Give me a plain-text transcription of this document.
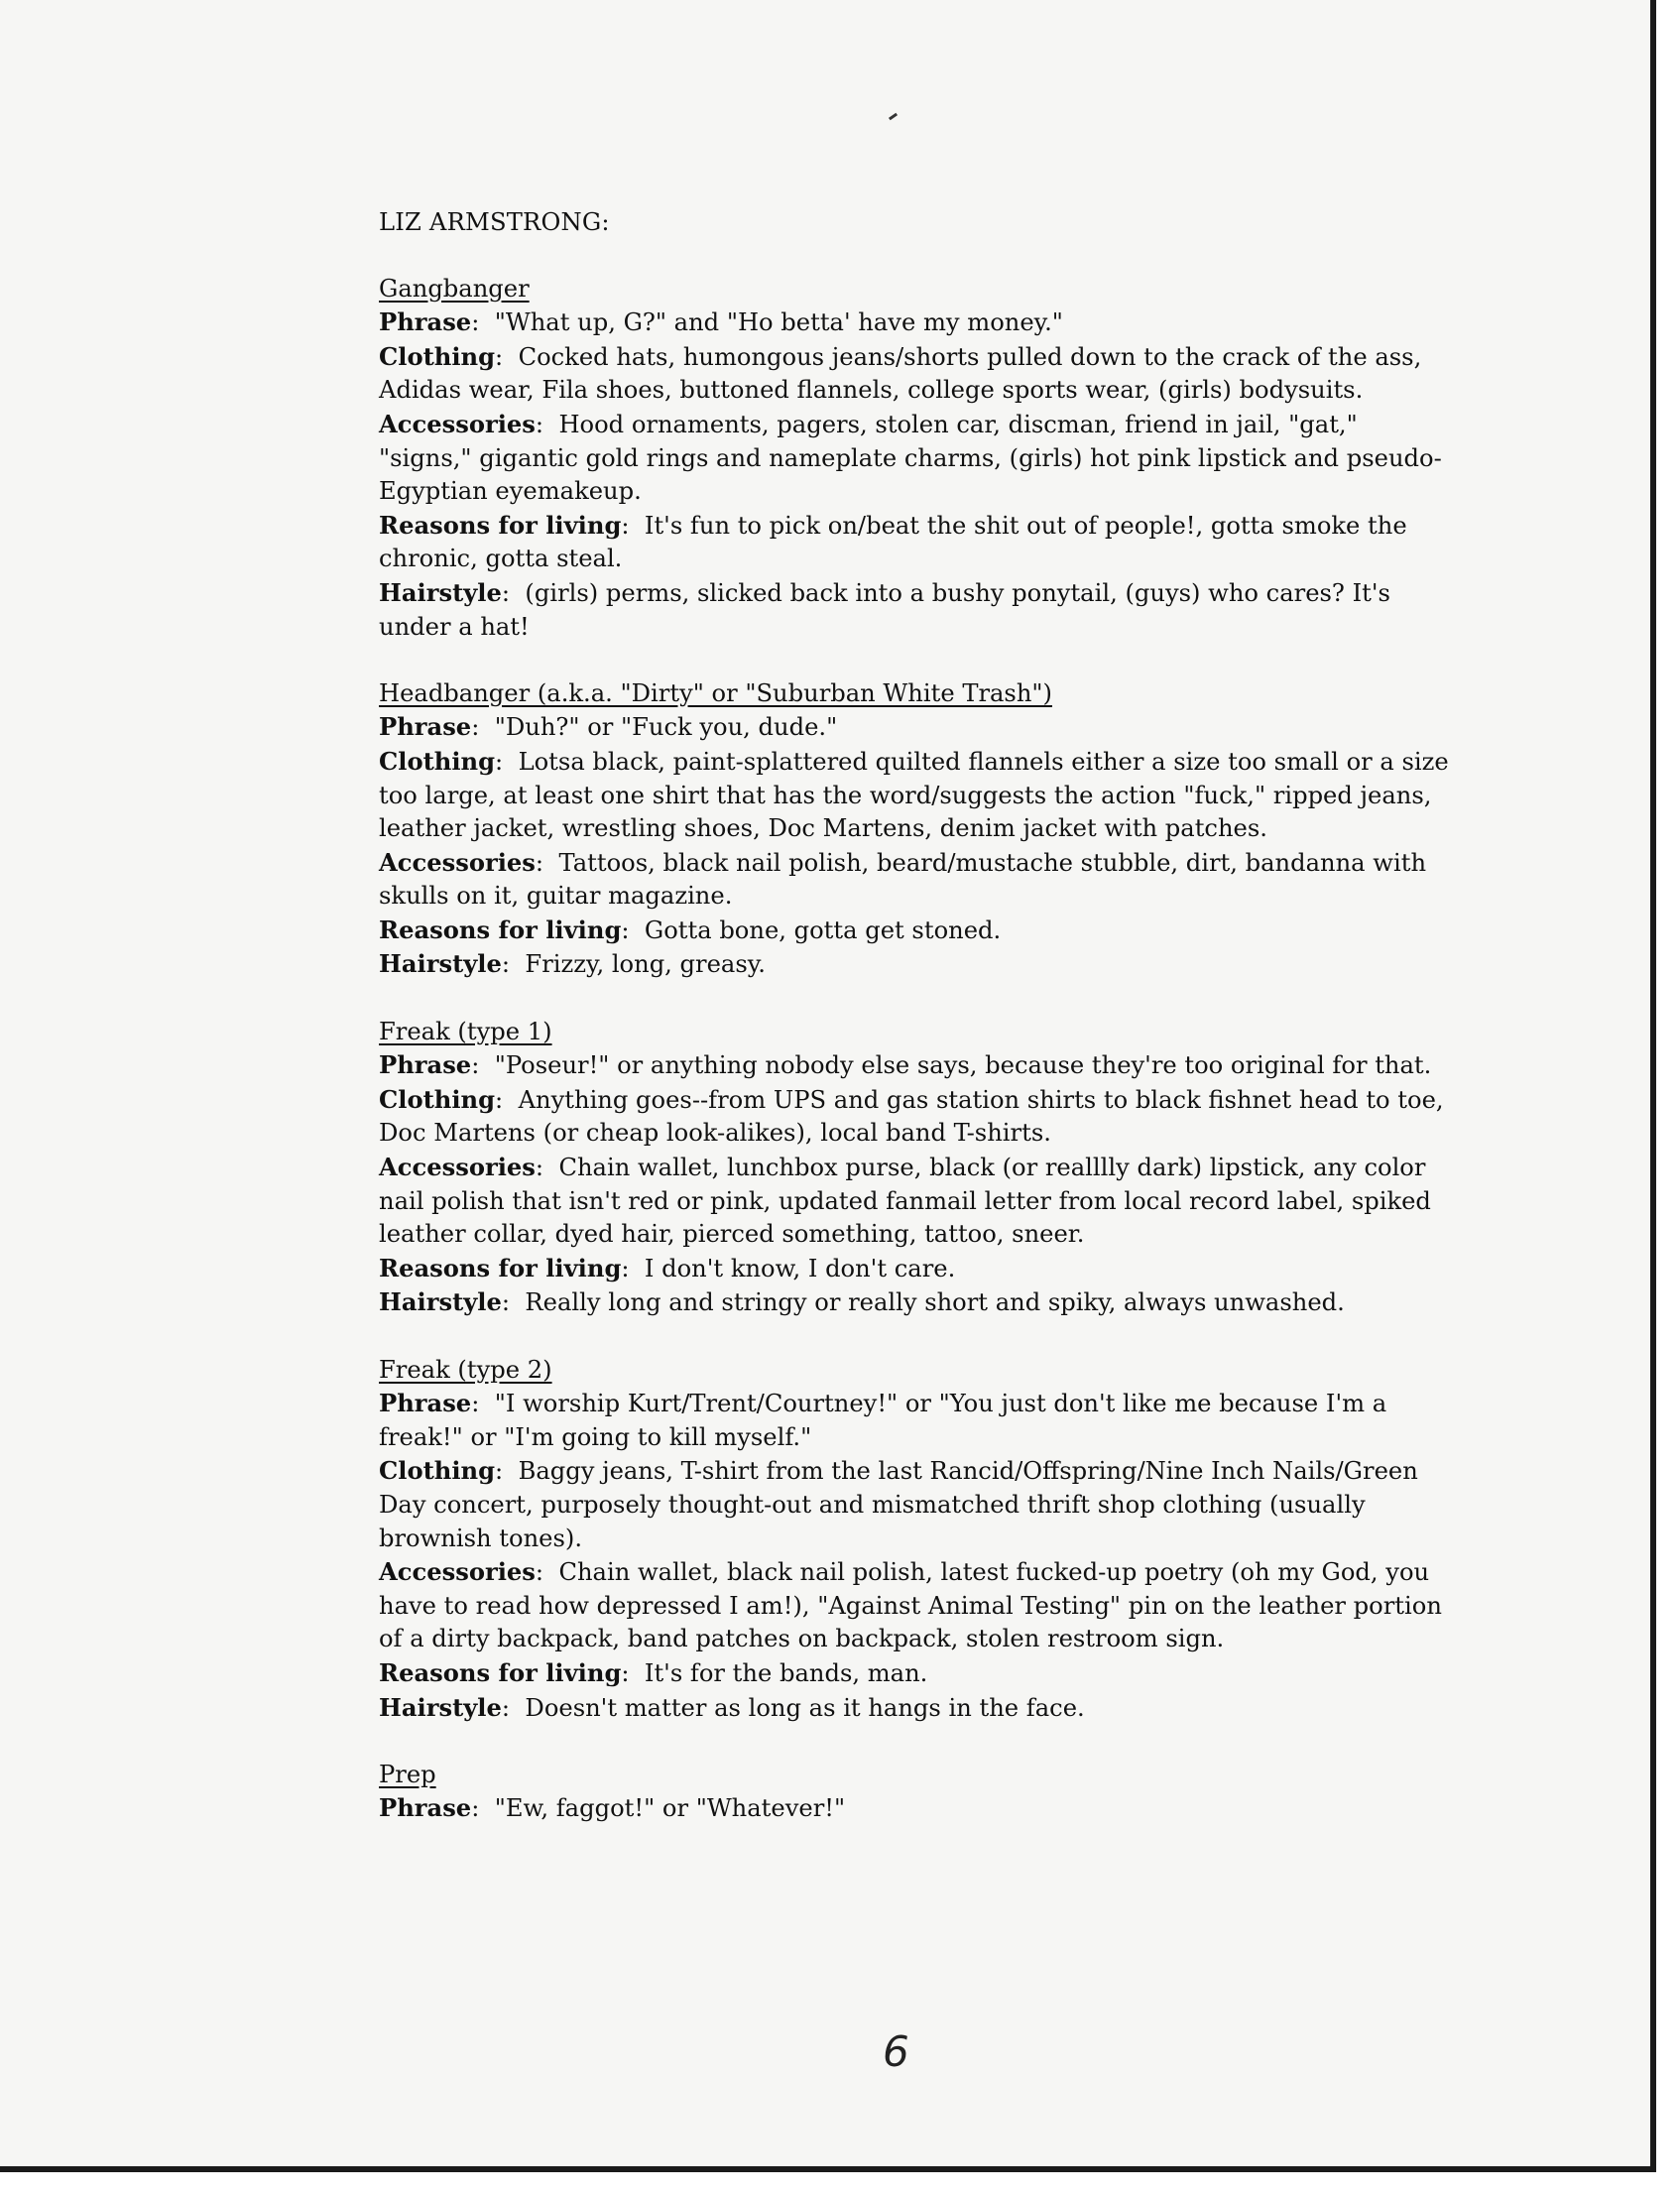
LIZ ARMSTRONG:
Gangbanger

Phrase:  "What up, G?" and "Ho betta' have my money."

Clothing:  Cocked hats, humongous jeans/shorts pulled down to the crack of the ass, Adidas wear, Fila shoes, buttoned flannels, college sports wear, (girls) bodysuits.

Accessories:  Hood ornaments, pagers, stolen car, discman, friend in jail, "gat," "signs," gigantic gold rings and nameplate charms, (girls) hot pink lipstick and pseudo-Egyptian eyemakeup.

Reasons for living:  It's fun to pick on/beat the shit out of people!, gotta smoke the chronic, gotta steal.

Hairstyle:  (girls) perms, slicked back into a bushy ponytail, (guys) who cares? It's under a hat!

Headbanger (a.k.a. "Dirty" or "Suburban White Trash")

Phrase:  "Duh?" or "Fuck you, dude."

Clothing:  Lotsa black, paint-splattered quilted flannels either a size too small or a size too large, at least one shirt that has the word/suggests the action "fuck," ripped jeans, leather jacket, wrestling shoes, Doc Martens, denim jacket with patches.

Accessories:  Tattoos, black nail polish, beard/mustache stubble, dirt, bandanna with skulls on it, guitar magazine.

Reasons for living:  Gotta bone, gotta get stoned.

Hairstyle:  Frizzy, long, greasy.

Freak (type 1)

Phrase:  "Poseur!" or anything nobody else says, because they're too original for that.

Clothing:  Anything goes--from UPS and gas station shirts to black fishnet head to toe, Doc Martens (or cheap look-alikes), local band T-shirts.

Accessories:  Chain wallet, lunchbox purse, black (or realllly dark) lipstick, any color nail polish that isn't red or pink, updated fanmail letter from local record label, spiked leather collar, dyed hair, pierced something, tattoo, sneer.

Reasons for living:  I don't know, I don't care.

Hairstyle:  Really long and stringy or really short and spiky, always unwashed.

Freak (type 2)

Phrase:  "I worship Kurt/Trent/Courtney!" or "You just don't like me because I'm a freak!" or "I'm going to kill myself."

Clothing:  Baggy jeans, T-shirt from the last Rancid/Offspring/Nine Inch Nails/Green Day concert, purposely thought-out and mismatched thrift shop clothing (usually brownish tones).

Accessories:  Chain wallet, black nail polish, latest fucked-up poetry (oh my God, you have to read how depressed I am!), "Against Animal Testing" pin on the leather portion of a dirty backpack, band patches on backpack, stolen restroom sign.

Reasons for living:  It's for the bands, man.

Hairstyle:  Doesn't matter as long as it hangs in the face.

Prep

Phrase:  "Ew, faggot!" or "Whatever!"

6
